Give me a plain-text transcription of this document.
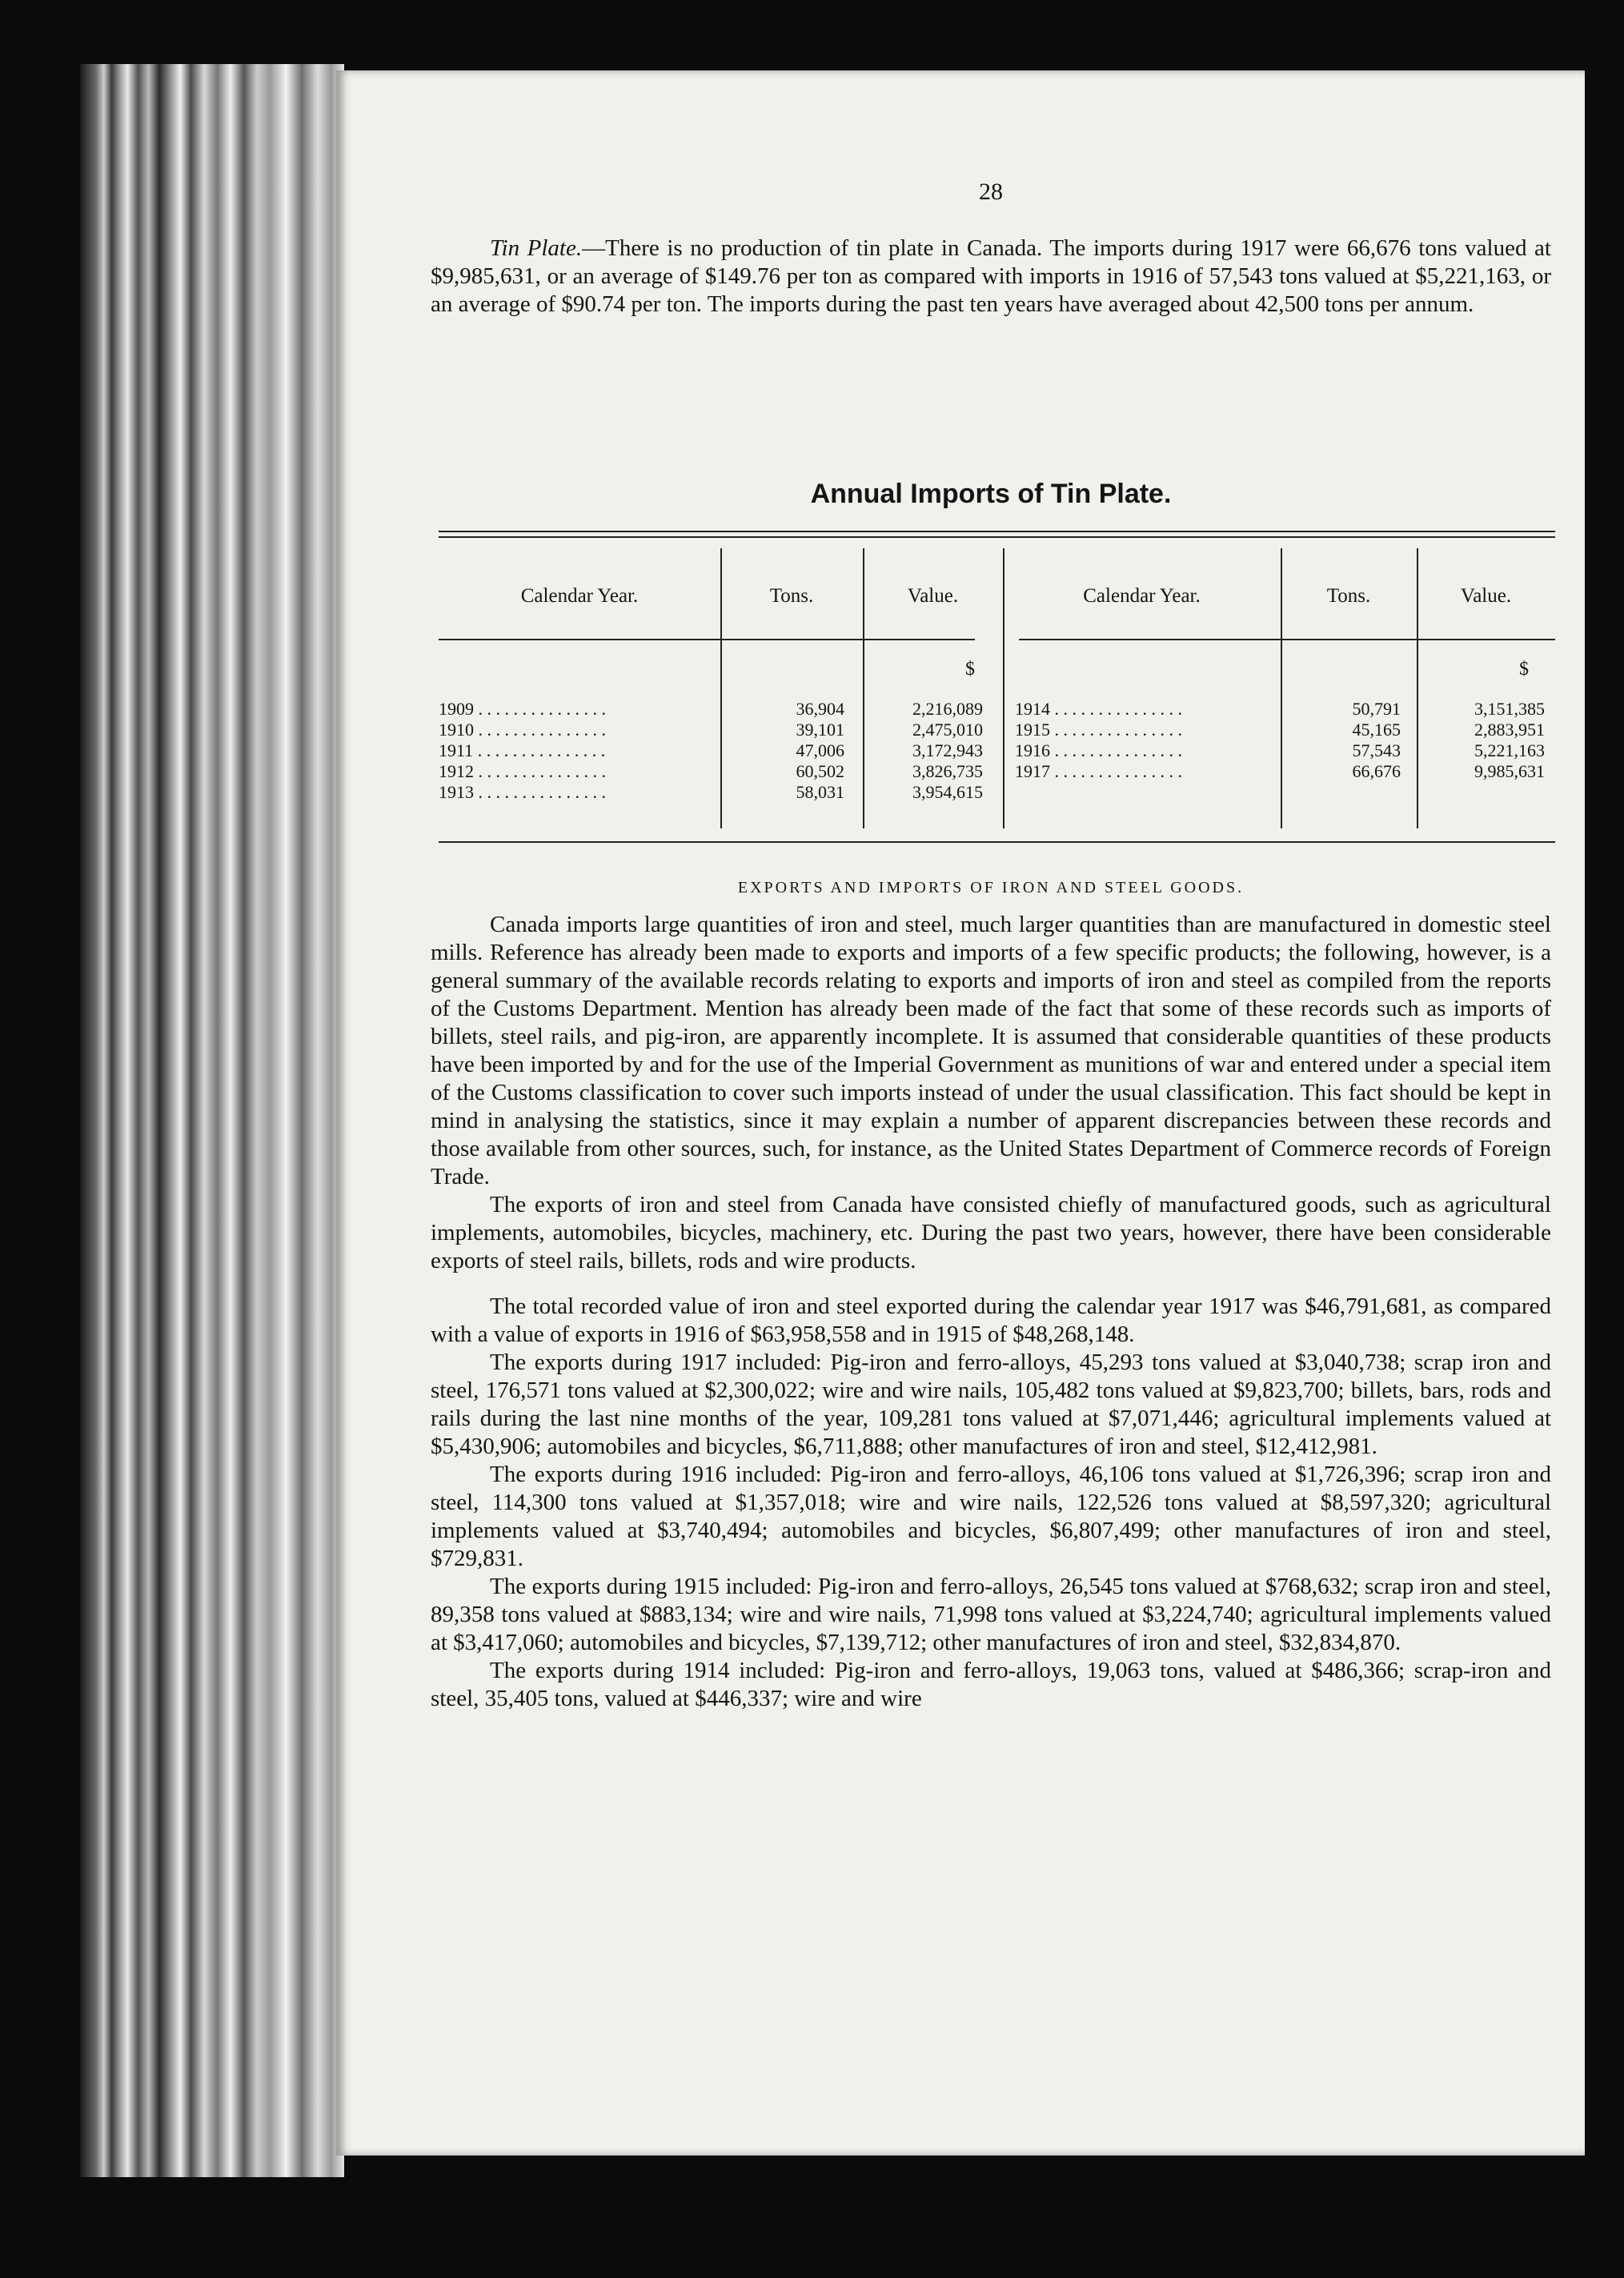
28

Tin Plate.—There is no production of tin plate in Canada. The imports during 1917 were 66,676 tons valued at $9,985,631, or an average of $149.76 per ton as compared with imports in 1916 of 57,543 tons valued at $5,221,163, or an average of $90.74 per ton. The imports during the past ten years have averaged about 42,500 tons per annum.

Annual Imports of Tin Plate.
Calendar Year.	Tons.	Value.	Calendar Year.	Tons.	Value.
$	$
1909 . . . . . . . . . . . . . . .	36,904	2,216,089
1910 . . . . . . . . . . . . . . .	39,101	2,475,010
1911 . . . . . . . . . . . . . . .	47,006	3,172,943
1912 . . . . . . . . . . . . . . .	60,502	3,826,735
1913 . . . . . . . . . . . . . . .	58,031	3,954,615
1914 . . . . . . . . . . . . . . .	50,791	3,151,385
1915 . . . . . . . . . . . . . . .	45,165	2,883,951
1916 . . . . . . . . . . . . . . .	57,543	5,221,163
1917 . . . . . . . . . . . . . . .	66,676	9,985,631
EXPORTS AND IMPORTS OF IRON AND STEEL GOODS.

Canada imports large quantities of iron and steel, much larger quantities than are manufactured in domestic steel mills. Reference has already been made to exports and imports of a few specific products; the following, however, is a general summary of the available records relating to exports and imports of iron and steel as compiled from the reports of the Customs Department. Mention has already been made of the fact that some of these records such as imports of billets, steel rails, and pig-iron, are apparently incomplete. It is assumed that considerable quantities of these products have been imported by and for the use of the Imperial Government as munitions of war and entered under a special item of the Customs classification to cover such imports instead of under the usual classification. This fact should be kept in mind in analysing the statistics, since it may explain a number of apparent discrepancies between these records and those available from other sources, such, for instance, as the United States Department of Commerce records of Foreign Trade.

The exports of iron and steel from Canada have consisted chiefly of manufactured goods, such as agricultural implements, automobiles, bicycles, machinery, etc. During the past two years, however, there have been considerable exports of steel rails, billets, rods and wire products.

The total recorded value of iron and steel exported during the calendar year 1917 was $46,791,681, as compared with a value of exports in 1916 of $63,958,558 and in 1915 of $48,268,148.

The exports during 1917 included: Pig-iron and ferro-alloys, 45,293 tons valued at $3,040,738; scrap iron and steel, 176,571 tons valued at $2,300,022; wire and wire nails, 105,482 tons valued at $9,823,700; billets, bars, rods and rails during the last nine months of the year, 109,281 tons valued at $7,071,446; agricultural implements valued at $5,430,906; automobiles and bicycles, $6,711,888; other manufactures of iron and steel, $12,412,981.

The exports during 1916 included: Pig-iron and ferro-alloys, 46,106 tons valued at $1,726,396; scrap iron and steel, 114,300 tons valued at $1,357,018; wire and wire nails, 122,526 tons valued at $8,597,320; agricultural implements valued at $3,740,494; automobiles and bicycles, $6,807,499; other manufactures of iron and steel, $729,831.

The exports during 1915 included: Pig-iron and ferro-alloys, 26,545 tons valued at $768,632; scrap iron and steel, 89,358 tons valued at $883,134; wire and wire nails, 71,998 tons valued at $3,224,740; agricultural implements valued at $3,417,060; automobiles and bicycles, $7,139,712; other manufactures of iron and steel, $32,834,870.

The exports during 1914 included: Pig-iron and ferro-alloys, 19,063 tons, valued at $486,366; scrap-iron and steel, 35,405 tons, valued at $446,337; wire and wire
